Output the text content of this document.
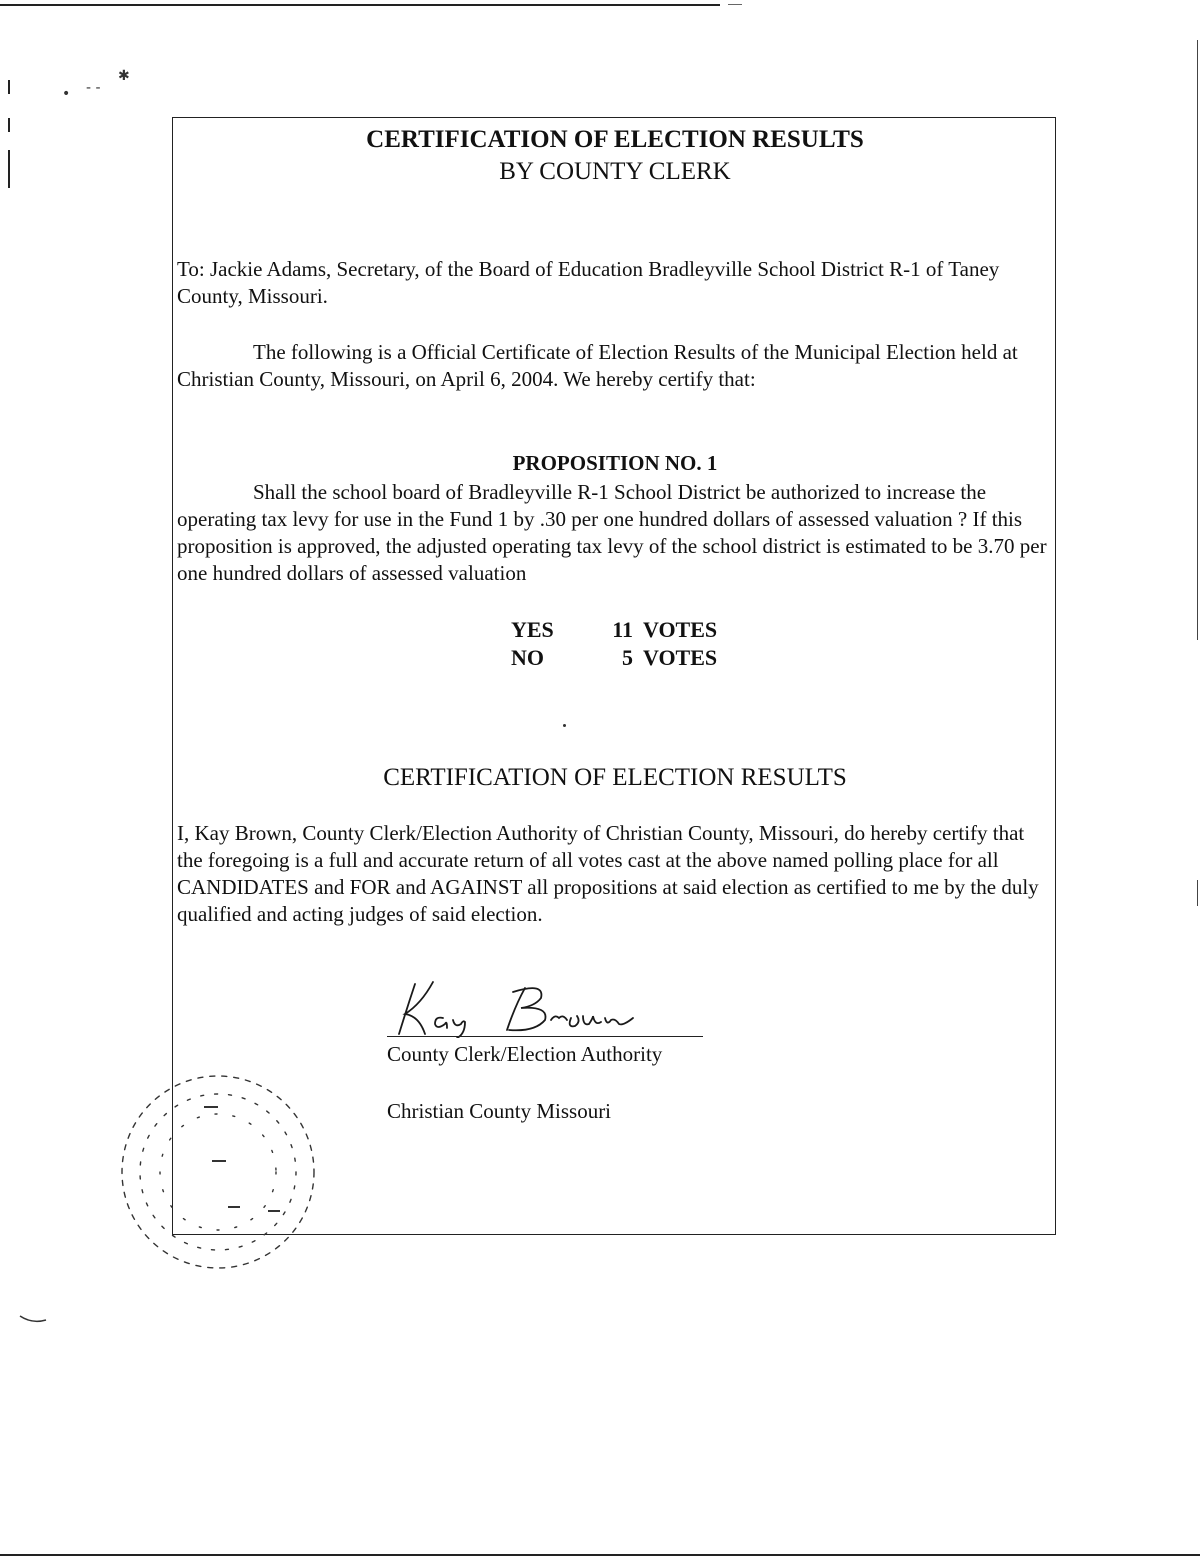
• - -
✱
CERTIFICATION OF ELECTION RESULTS
BY COUNTY CLERK
To: Jackie Adams, Secretary, of the Board of Education Bradleyville School District R-1 of Taney County, Missouri.
The following is a Official Certificate of Election Results of the Municipal Election held at Christian County, Missouri, on April 6, 2004. We hereby certify that:
PROPOSITION NO. 1
Shall the school board of Bradleyville R-1 School District be authorized to increase the operating tax levy for use in the Fund 1 by .30 per one hundred dollars of assessed valuation ? If this proposition is approved, the adjusted operating tax levy of the school district is estimated to be 3.70 per one hundred dollars of assessed valuation
YES	11 VOTES
NO	5 VOTES
CERTIFICATION OF ELECTION RESULTS
I, Kay Brown, County Clerk/Election Authority of Christian County, Missouri, do hereby certify that the foregoing is a full and accurate return of all votes cast at the above named polling place for all CANDIDATES and FOR and AGAINST all propositions at said election as certified to me by the duly qualified and acting judges of said election.
County Clerk/Election Authority
Christian County Missouri
